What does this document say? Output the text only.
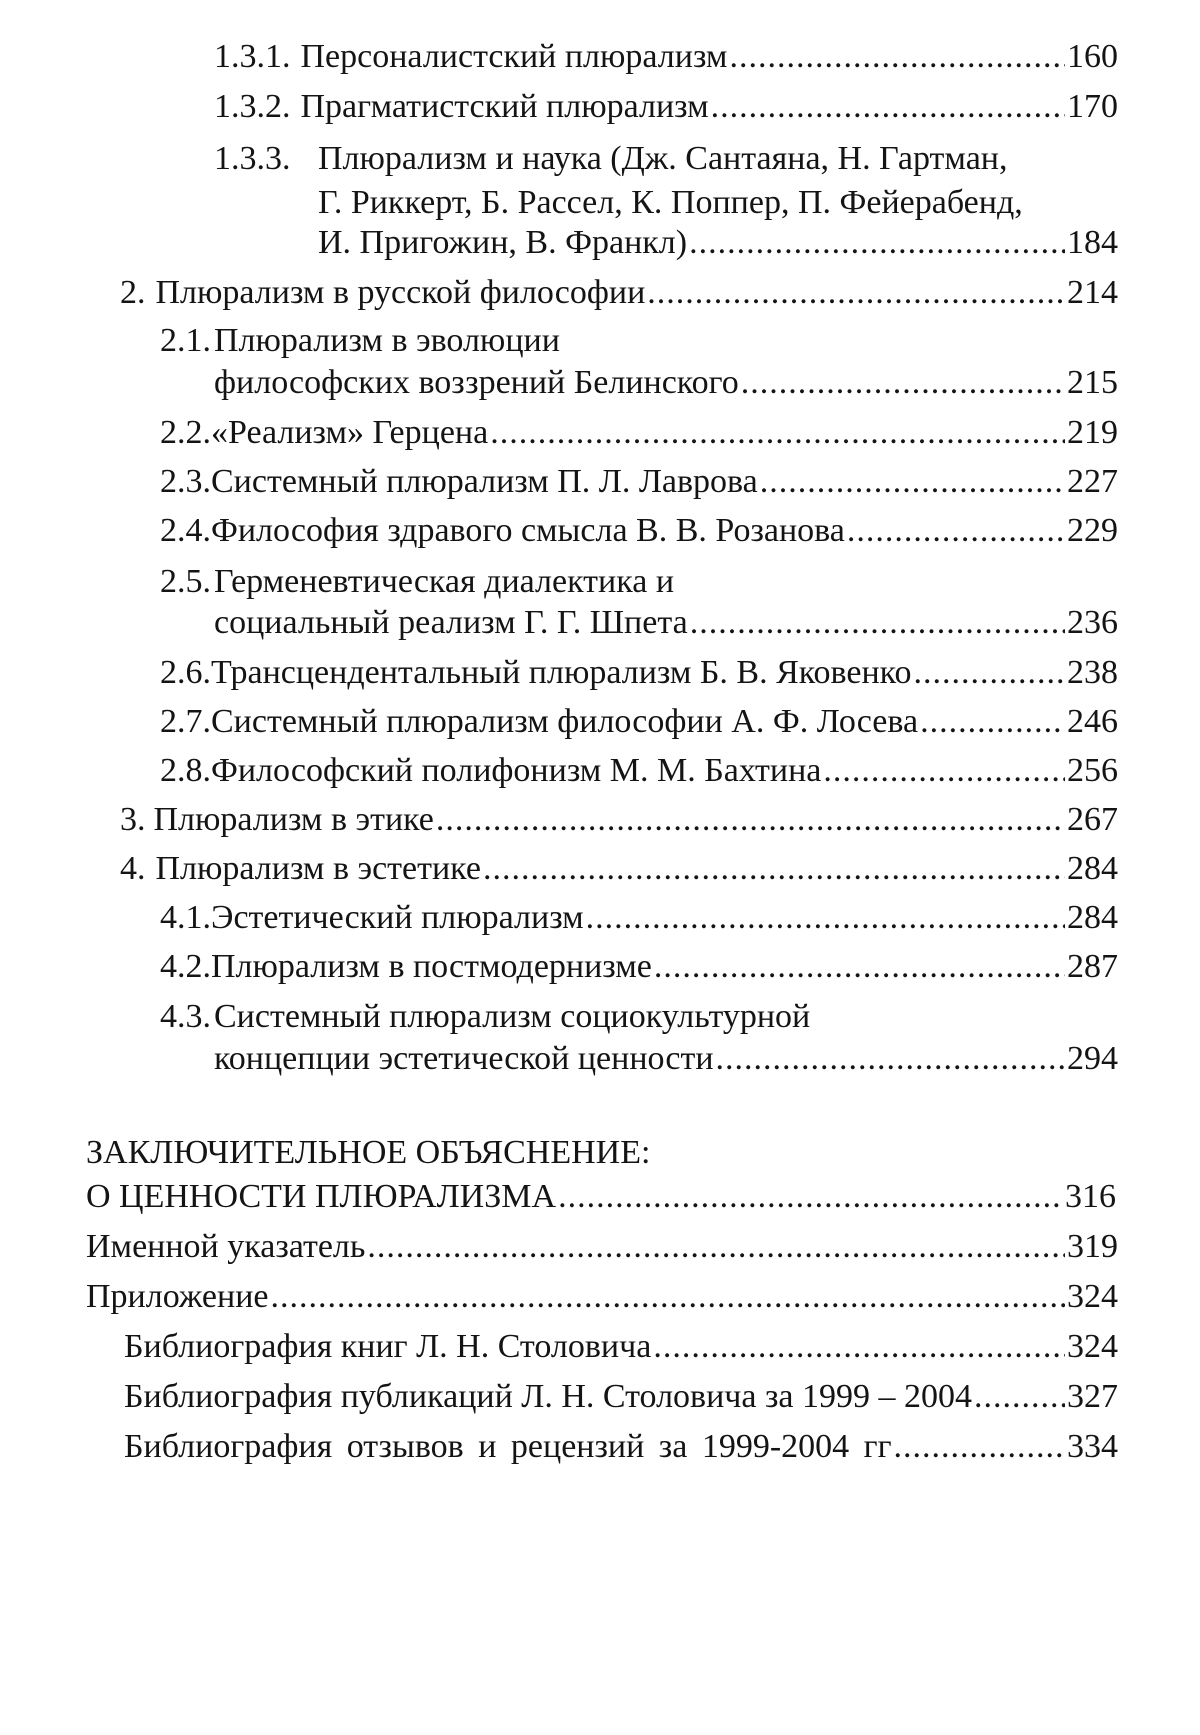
1.3.1. Персоналистский плюрализм .....	160
1.3.2. Прагматистский плюрализм .....	170
1.3.3. Плюрализм и наука (Дж. Сантаяна, Н. Гартман,
Г. Риккерт, Б. Рассел, К. Поппер, П. Фейерабенд,
И. Пригожин, В. Франкл) .....	184
2. Плюрализм в русской философии .....	214
2.1. Плюрализм в эволюции
философских воззрений Белинского .....	215
2.2. «Реализм» Герцена .....	219
2.3. Системный плюрализм П. Л. Лаврова .....	227
2.4. Философия здравого смысла В. В. Розанова .....	229
2.5. Герменевтическая диалектика и
социальный реализм Г. Г. Шпета .....	236
2.6. Трансцендентальный плюрализм Б. В. Яковенко .....	238
2.7. Системный плюрализм философии А. Ф. Лосева .....	246
2.8. Философский полифонизм М. М. Бахтина .....	256
3. Плюрализм в этике .....	267
4. Плюрализм в эстетике .....	284
4.1. Эстетический плюрализм .....	284
4.2. Плюрализм в постмодернизме .....	287
4.3. Системный плюрализм социокультурной
концепции эстетической ценности .....	294
ЗАКЛЮЧИТЕЛЬНОЕ ОБЪЯСНЕНИЕ:
О ЦЕННОСТИ ПЛЮРАЛИЗМА .....	316
Именной указатель .....	319
Приложение .....	324
Библиография книг Л. Н. Столовича .....	324
Библиография публикаций Л. Н. Столовича за 1999 – 2004 .....	327
Библиография отзывов и рецензий за 1999-2004 гг .....	334
